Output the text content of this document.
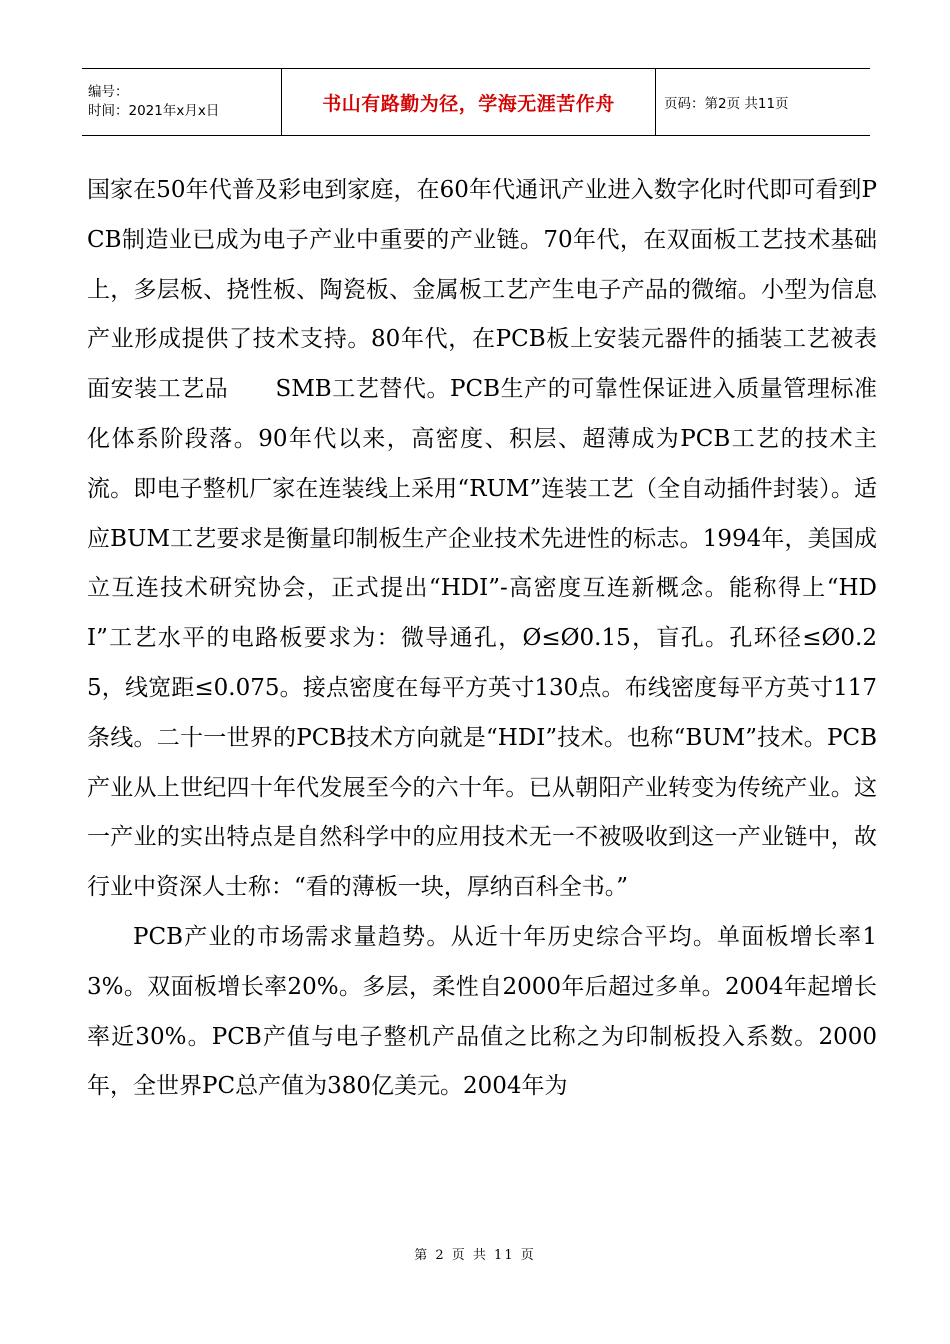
编号：
时间：2021年x月x日	书山有路勤为径，学海无涯苦作舟	页码：第2页 共11页

国家在50年代普及彩电到家庭，在60年代通讯产业进入数字化时代即可看到PCB制造业已成为电子产业中重要的产业链。70年代，在双面板工艺技术基础上，多层板、挠性板、陶瓷板、金属板工艺产生电子产品的微缩。小型为信息产业形成提供了技术支持。80年代，在PCB板上安装元器件的插装工艺被表面安装工艺品　　SMB工艺替代。PCB生产的可靠性保证进入质量管理标准化体系阶段落。90年代以来，高密度、积层、超薄成为PCB工艺的技术主流。即电子整机厂家在连装线上采用“RUM”连装工艺（全自动插件封装）。适应BUM工艺要求是衡量印制板生产企业技术先进性的标志。1994年，美国成立互连技术研究协会，正式提出“HDI”-高密度互连新概念。能称得上“HDI”工艺水平的电路板要求为：微导通孔，Ø≤Ø0.15，盲孔。孔环径≤Ø0.25，线宽距≤0.075。接点密度在每平方英寸130点。布线密度每平方英寸117条线。二十一世界的PCB技术方向就是“HDI”技术。也称“BUM”技术。PCB产业从上世纪四十年代发展至今的六十年。已从朝阳产业转变为传统产业。这一产业的实出特点是自然科学中的应用技术无一不被吸收到这一产业链中，故行业中资深人士称：“看的薄板一块，厚纳百科全书。”

PCB产业的市场需求量趋势。从近十年历史综合平均。单面板增长率13%。双面板增长率20%。多层，柔性自2000年后超过多单。2004年起增长率近30%。PCB产值与电子整机产品值之比称之为印制板投入系数。2000年，全世界PC总产值为380亿美元。2004年为

第 2 页 共 11 页
